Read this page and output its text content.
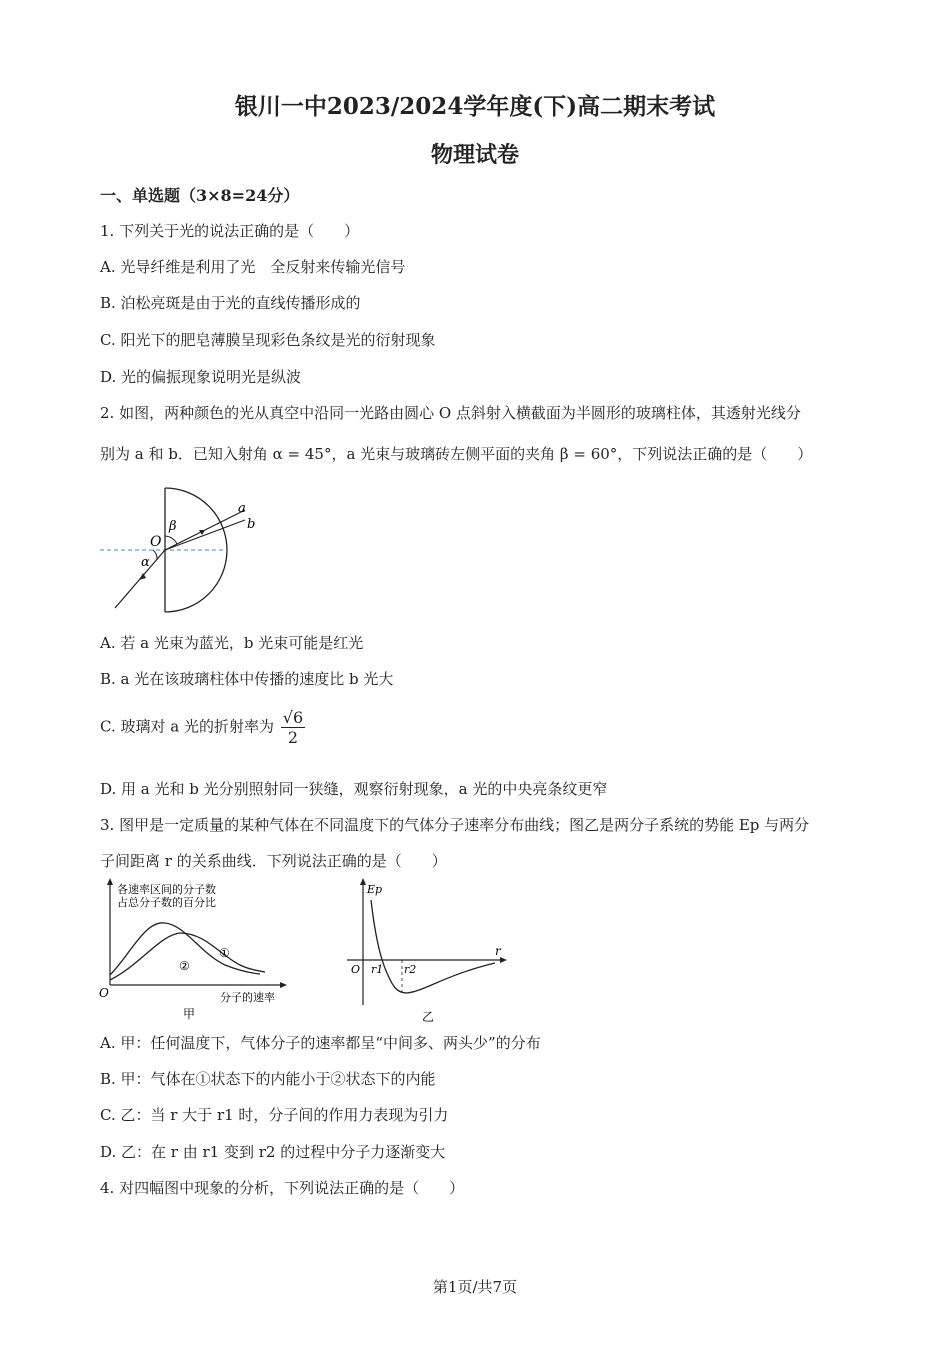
银川一中2023/2024学年度(下)高二期末考试
物理试卷
一、单选题（3×8=24分）
1. 下列关于光的说法正确的是（　　）
A. 光导纤维是利用了光　全反射来传输光信号
B. 泊松亮斑是由于光的直线传播形成的
C. 阳光下的肥皂薄膜呈现彩色条纹是光的衍射现象
D. 光的偏振现象说明光是纵波
2. 如图，两种颜色的光从真空中沿同一光路由圆心 O 点斜射入横截面为半圆形的玻璃柱体，其透射光线分
别为 a 和 b．已知入射角 α = 45°，a 光束与玻璃砖左侧平面的夹角 β = 60°，下列说法正确的是（　　）
O
α
β
a
b
A. 若 a 光束为蓝光，b 光束可能是红光
B. a 光在该玻璃柱体中传播的速度比 b 光大
C. 玻璃对 a 光的折射率为 $\frac{√6}{2}$
D. 用 a 光和 b 光分别照射同一狭缝，观察衍射现象，a 光的中央亮条纹更窄
3. 图甲是一定质量的某种气体在不同温度下的气体分子速率分布曲线；图乙是两分子系统的势能 Ep 与两分
子间距离 r 的关系曲线．下列说法正确的是（　　）
各速率区间的分子数
占总分子数的百分比
O
①
②
分子的速率
甲
Ep
O r1 r2
r
乙
A. 甲：任何温度下，气体分子的速率都呈“中间多、两头少”的分布
B. 甲：气体在①状态下的内能小于②状态下的内能
C. 乙：当 r 大于 r1 时，分子间的作用力表现为引力
D. 乙：在 r 由 r1 变到 r2 的过程中分子力逐渐变大
4. 对四幅图中现象的分析，下列说法正确的是（　　）
第1页/共7页
